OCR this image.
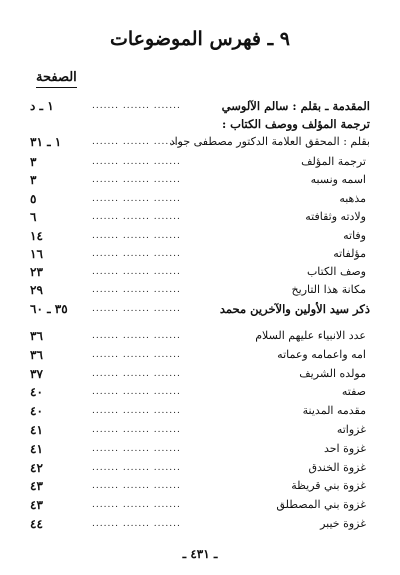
٩ ـ فهرس الموضوعات
الصفحة
المقدمة ـ بقلم : سالم الآلوسي
١ ـ د	....... ....... .......
ترجمة المؤلف ووصف الكتاب :
بقلم : المحقق العلامة الدكتور مصطفى جواد
١ ـ ٣١	....... ....... .......
ترجمة المؤلف
٣	....... ....... .......
اسمه ونسبه
٣	....... ....... .......
مذهبه
٥	....... ....... .......
ولادته وثقافته
٦	....... ....... .......
وفاته
١٤	....... ....... .......
مؤلفاته
١٦	....... ....... .......
وصف الكتاب
٢٣	....... ....... .......
مكانة هذا التاريخ
٢٩	....... ....... .......
ذكر سيد الأولين والآخرين محمد
٣٥ ـ ٦٠	....... ....... .......
عدد الانبياء عليهم السلام
٣٦	....... ....... .......
امه واعمامه وعماته
٣٦	....... ....... .......
مولده الشريف
٣٧	....... ....... .......
صفته
٤٠	....... ....... .......
مقدمه المدينة
٤٠	....... ....... .......
غزواته
٤١	....... ....... .......
غزوة احد
٤١	....... ....... .......
غزوة الخندق
٤٢	....... ....... .......
غزوة بني قريظة
٤٣	....... ....... .......
غزوة بني المصطلق
٤٣	....... ....... .......
غزوة خيبر
٤٤	....... ....... .......
ـ ٤٣١ ـ
